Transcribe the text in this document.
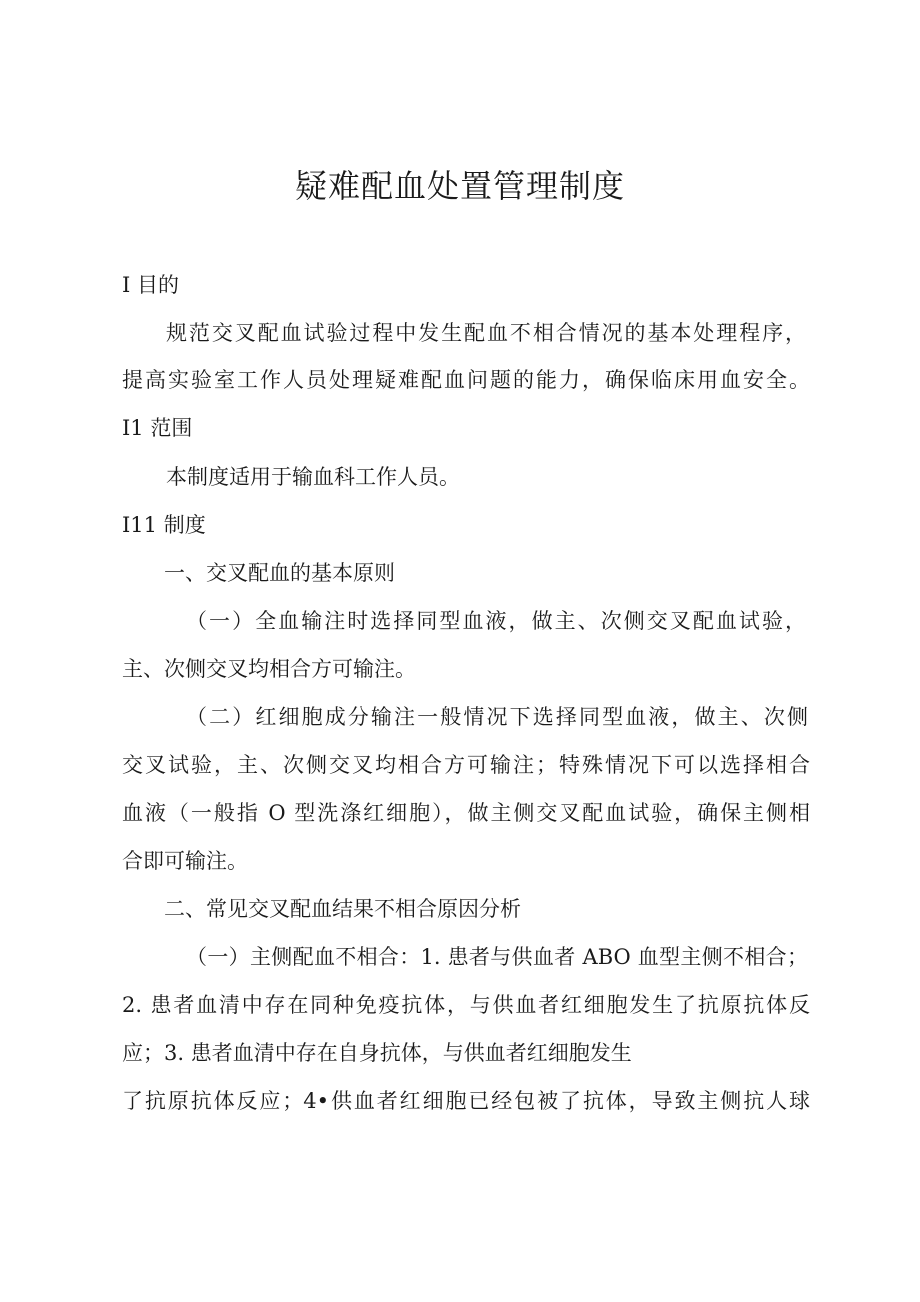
疑难配血处置管理制度
I 目的
规范交叉配血试验过程中发生配血不相合情况的基本处理程序，
提高实验室工作人员处理疑难配血问题的能力，确保临床用血安全。
I1 范围
本制度适用于输血科工作人员。
I11 制度
一、交叉配血的基本原则
（一）全血输注时选择同型血液，做主、次侧交叉配血试验，
主、次侧交叉均相合方可输注。
（二）红细胞成分输注一般情况下选择同型血液，做主、次侧
交叉试验，主、次侧交叉均相合方可输注；特殊情况下可以选择相合
血液（一般指 O 型洗涤红细胞），做主侧交叉配血试验，确保主侧相
合即可输注。
二、常见交叉配血结果不相合原因分析
（一）主侧配血不相合：1. 患者与供血者 ABO 血型主侧不相合；
2. 患者血清中存在同种免疫抗体，与供血者红细胞发生了抗原抗体反
应；3. 患者血清中存在自身抗体，与供血者红细胞发生
了抗原抗体反应；4•供血者红细胞已经包被了抗体，导致主侧抗人球
